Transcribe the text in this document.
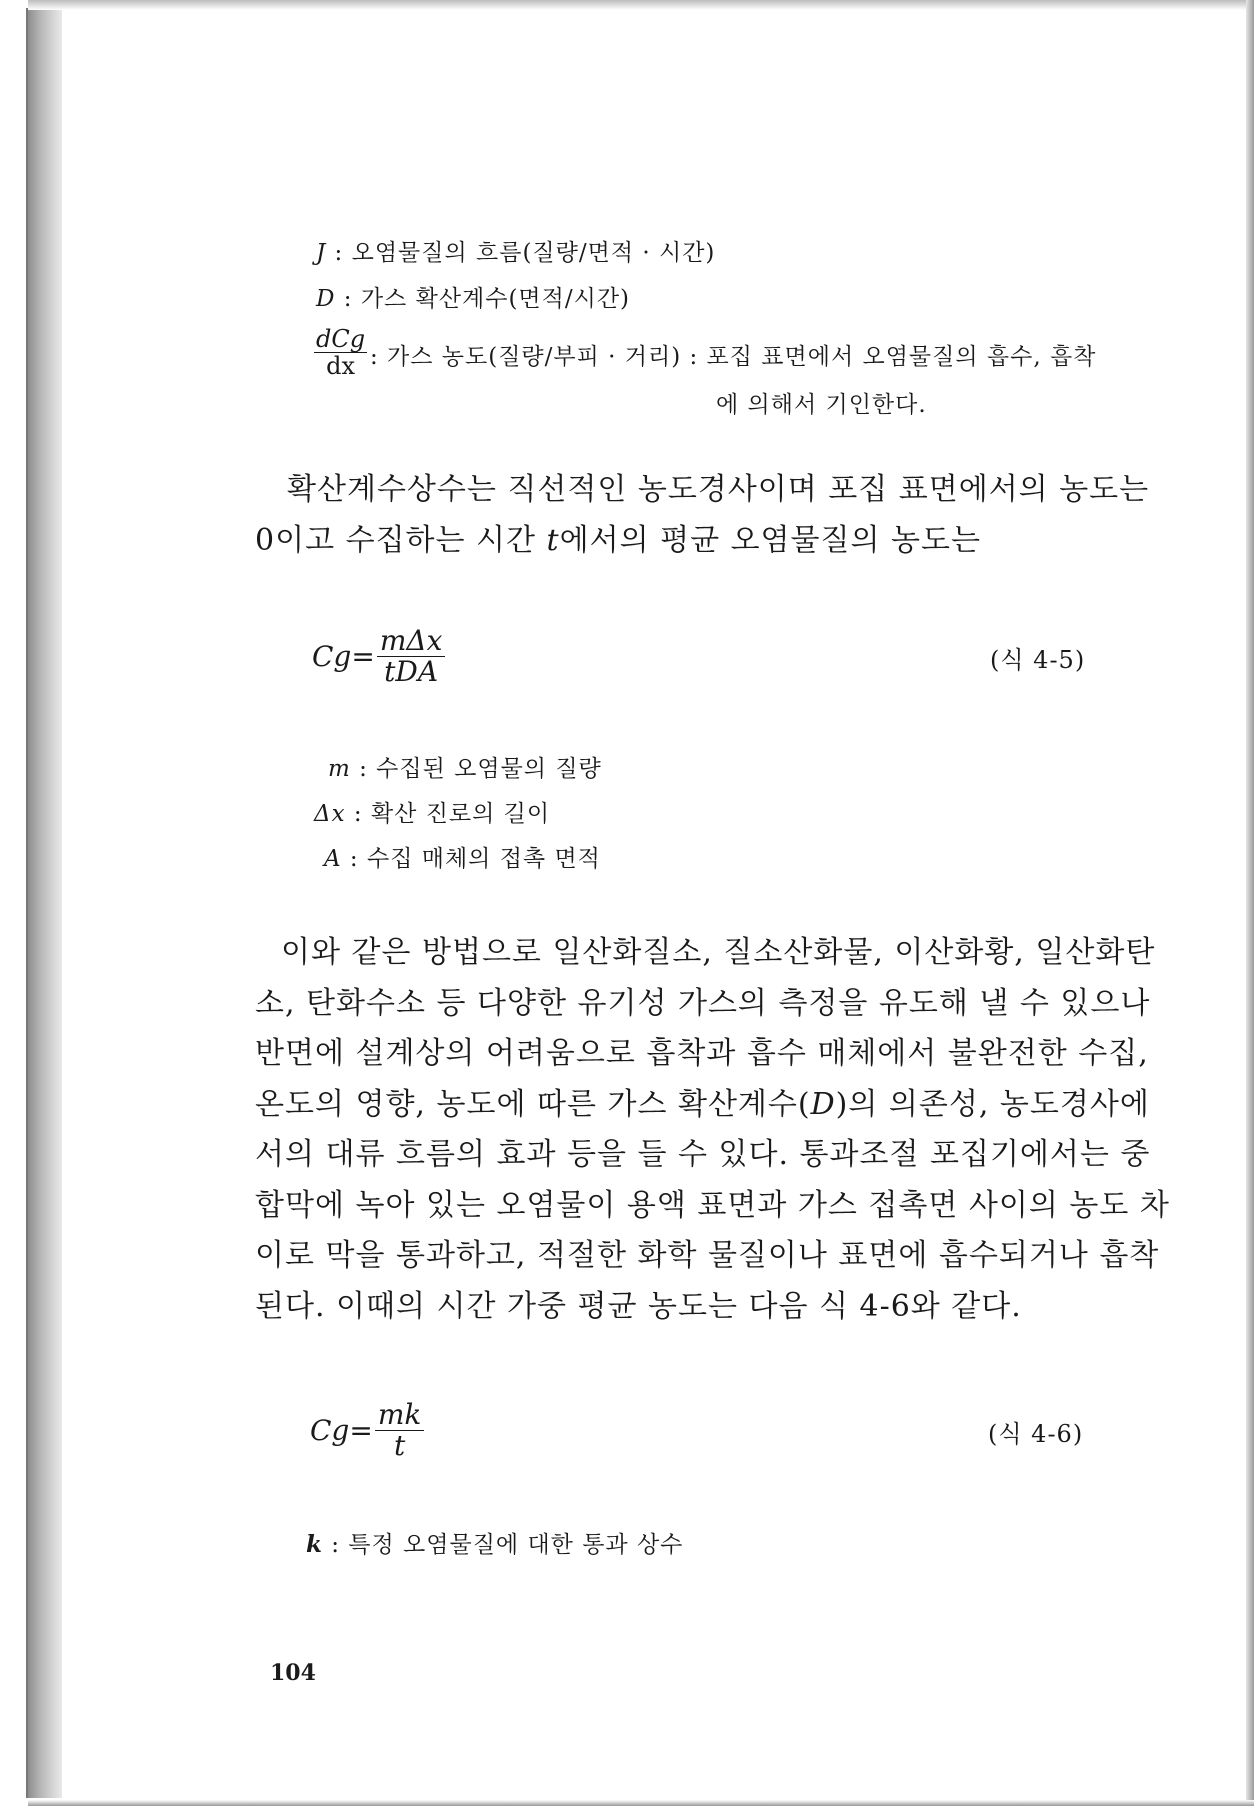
J : 오염물질의 흐름(질량/면적 · 시간)
D : 가스 확산계수(면적/시간)
dCg
dx : 가스 농도(질량/부피 · 거리) : 포집 표면에서 오염물질의 흡수, 흡착
에 의해서 기인한다.
확산계수상수는 직선적인 농도경사이며 포집 표면에서의 농도는
0이고 수집하는 시간 t에서의 평균 오염물질의 농도는
$Cg= \frac{\text{mΔx}}{\text{tDA}}$	(식 4-5)
m : 수집된 오염물의 질량
Δx : 확산 진로의 길이
A : 수집 매체의 접촉 면적
이와 같은 방법으로 일산화질소, 질소산화물, 이산화황, 일산화탄
소, 탄화수소 등 다양한 유기성 가스의 측정을 유도해 낼 수 있으나
반면에 설계상의 어려움으로 흡착과 흡수 매체에서 불완전한 수집,
온도의 영향, 농도에 따른 가스 확산계수(D)의 의존성, 농도경사에
서의 대류 흐름의 효과 등을 들 수 있다. 통과조절 포집기에서는 중
합막에 녹아 있는 오염물이 용액 표면과 가스 접촉면 사이의 농도 차
이로 막을 통과하고, 적절한 화학 물질이나 표면에 흡수되거나 흡착
된다. 이때의 시간 가중 평균 농도는 다음 식 4-6와 같다.
$Cg= \frac{mk}{t}$	(식 4-6)
k : 특정 오염물질에 대한 통과 상수
104
